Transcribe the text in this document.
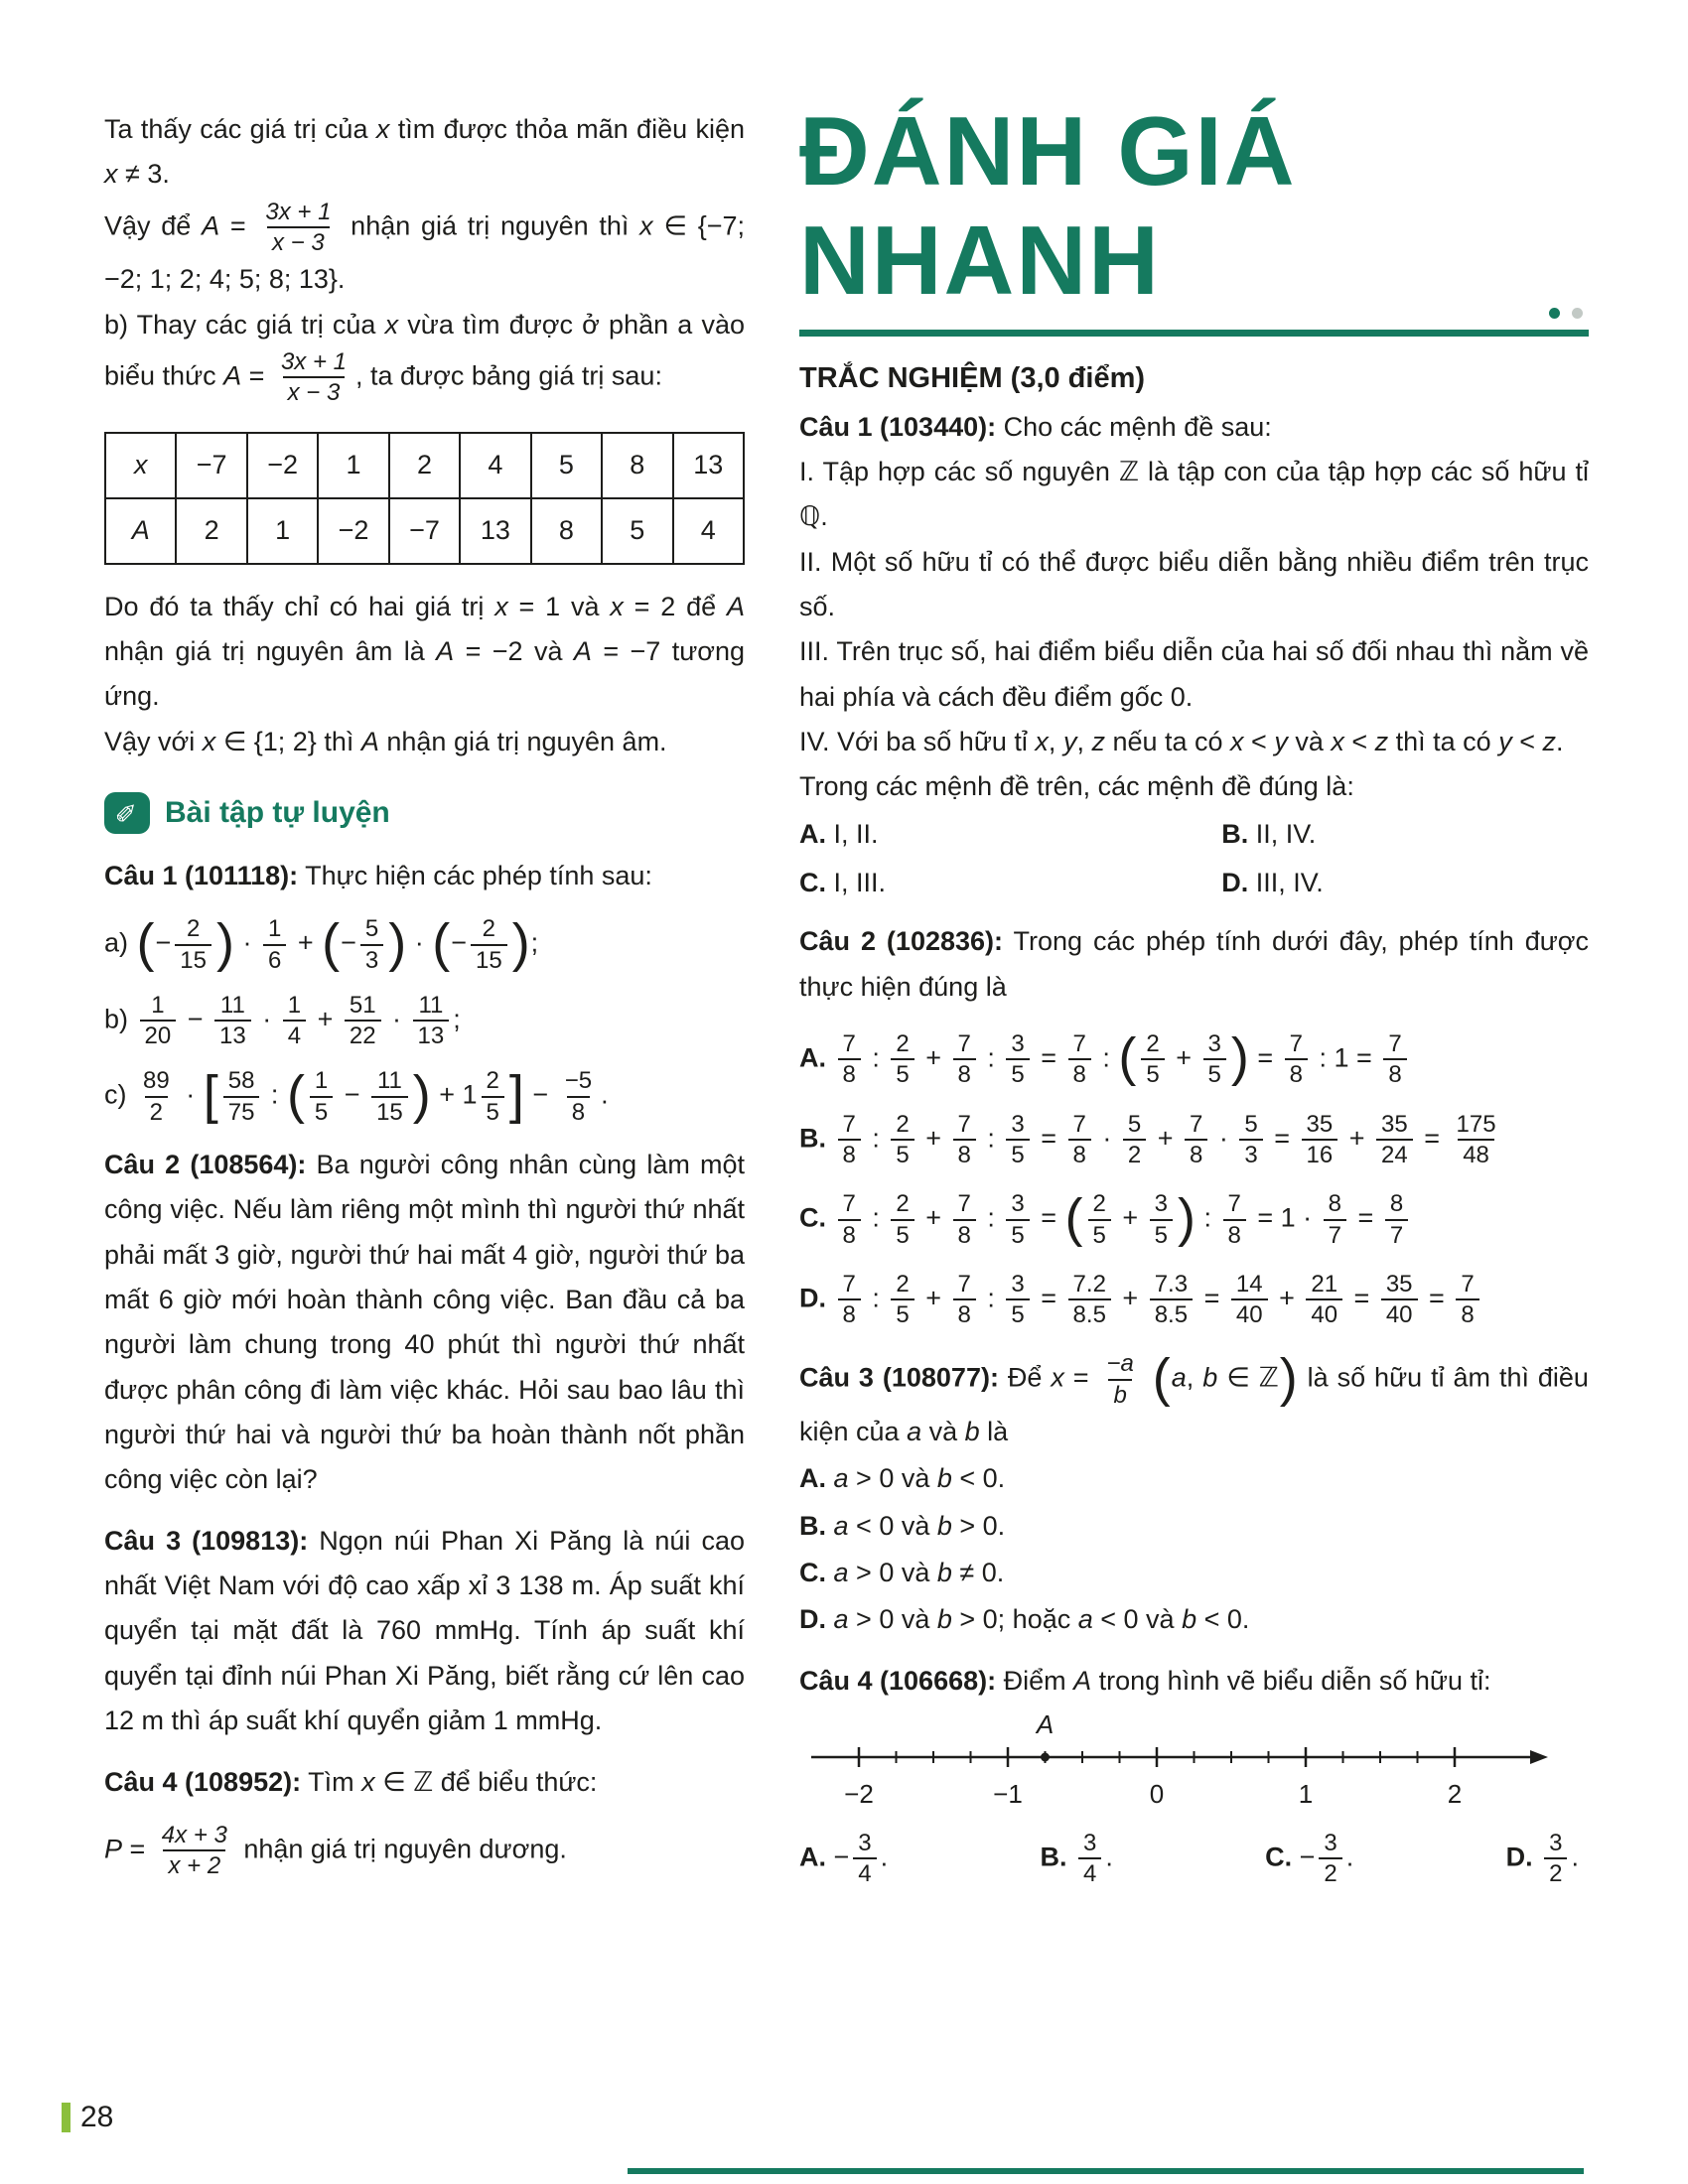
Ta thấy các giá trị của x tìm được thỏa mãn điều kiện x ≠ 3.

Vậy để $A = \frac{3x + 1}{x - 3}$ nhận giá trị nguyên thì x ∈ {−7; −2; 1; 2; 4; 5; 8; 13}.

b) Thay các giá trị của x vừa tìm được ở phần a vào biểu thức $A = \frac{3x + 1}{x - 3}$ , ta được bảng giá trị sau:

x	−7	−2	1	2	4	5	8	13
A	2	1	−2	−7	13	8	5	4

Do đó ta thấy chỉ có hai giá trị x = 1 và x = 2 để A nhận giá trị nguyên âm là A = −2 và A = −7 tương ứng.

Vậy với x ∈ {1; 2} thì A nhận giá trị nguyên âm.

✎ Bài tập tự luyện

Câu 1 (101118): Thực hiện các phép tính sau:

a) (− $\frac{2}{15}$ ) · $\frac{1}{6}$ + (− $\frac{5}{3}$ ) · (− $\frac{2}{15}$ );
$b) \frac{1}{20} - \frac{11}{13} \cdot \frac{1}{4} + \frac{51}{22} \cdot \frac{11}{13}$ ;
$c) \frac{89}{2}$ · [ $\frac{58}{75}$ : ( $\frac{1}{5} - \frac{11}{15}$ ) + $1 \frac{2}{5}$ ] − $\frac{-5}{8}$ .

Câu 2 (108564): Ba người công nhân cùng làm một công việc. Nếu làm riêng một mình thì người thứ nhất phải mất 3 giờ, người thứ hai mất 4 giờ, người thứ ba mất 6 giờ mới hoàn thành công việc. Ban đầu cả ba người làm chung trong 40 phút thì người thứ nhất được phân công đi làm việc khác. Hỏi sau bao lâu thì người thứ hai và người thứ ba hoàn thành nốt phần công việc còn lại?

Câu 3 (109813): Ngọn núi Phan Xi Păng là núi cao nhất Việt Nam với độ cao xấp xỉ 3 138 m. Áp suất khí quyển tại mặt đất là 760 mmHg. Tính áp suất khí quyển tại đỉnh núi Phan Xi Păng, biết rằng cứ lên cao 12 m thì áp suất khí quyển giảm 1 mmHg.

Câu 4 (108952): Tìm x ∈ ℤ để biểu thức:

$P = \frac{4x + 3}{x + 2}$ nhận giá trị nguyên dương.
ĐÁNH GIÁ
NHANH
TRẮC NGHIỆM (3,0 điểm)

Câu 1 (103440): Cho các mệnh đề sau:

I. Tập hợp các số nguyên ℤ là tập con của tập hợp các số hữu tỉ ℚ.

II. Một số hữu tỉ có thể được biểu diễn bằng nhiều điểm trên trục số.

III. Trên trục số, hai điểm biểu diễn của hai số đối nhau thì nằm về hai phía và cách đều điểm gốc 0.

IV. Với ba số hữu tỉ x, y, z nếu ta có x < y và x < z thì ta có y < z.

Trong các mệnh đề trên, các mệnh đề đúng là:

A. I, II.	B. II, IV.

C. I, III.	D. III, IV.

Câu 2 (102836): Trong các phép tính dưới đây, phép tính được thực hiện đúng là

A. $\frac{7}{8}$ : $\frac{2}{5} + \frac{7}{8}$ : $\frac{3}{5} = \frac{7}{8}$ : ( $\frac{2}{5} + \frac{3}{5}$ ) = $\frac{7}{8}$ : $1 = \frac{7}{8}$
B. $\frac{7}{8}$ : $\frac{2}{5} + \frac{7}{8}$ : $\frac{3}{5} = \frac{7}{8} \cdot \frac{5}{2} + \frac{7}{8} \cdot \frac{5}{3} = \frac{35}{16} + \frac{35}{24} = \frac{175}{48}$
C. $\frac{7}{8}$ : $\frac{2}{5} + \frac{7}{8}$ : $\frac{3}{5}$ = ( $\frac{2}{5} + \frac{3}{5}$ ) : $\frac{7}{8} = 1 \cdot \frac{8}{7} = \frac{8}{7}$
D. $\frac{7}{8}$ : $\frac{2}{5} + \frac{7}{8}$ : $\frac{3}{5} = \frac{7.2}{8.5} + \frac{7.3}{8.5} = \frac{14}{40} + \frac{21}{40} = \frac{35}{40} = \frac{7}{8}$

Câu 3 (108077): Để $x = \frac{-a}{b} (a$, b ∈ ℤ) là số hữu tỉ âm thì điều kiện của a và b là

A. a > 0 và b < 0.

B. a < 0 và b > 0.

C. a > 0 và b ≠ 0.

D. a > 0 và b > 0; hoặc a < 0 và b < 0.

Câu 4 (106668): Điểm A trong hình vẽ biểu diễn số hữu tỉ:

A
−2	−1	0	1	2
A. − $\frac{3}{4}$ .	B. $\frac{3}{4}$ .	C. − $\frac{3}{2}$ .	D. $\frac{3}{2}$ .
28
